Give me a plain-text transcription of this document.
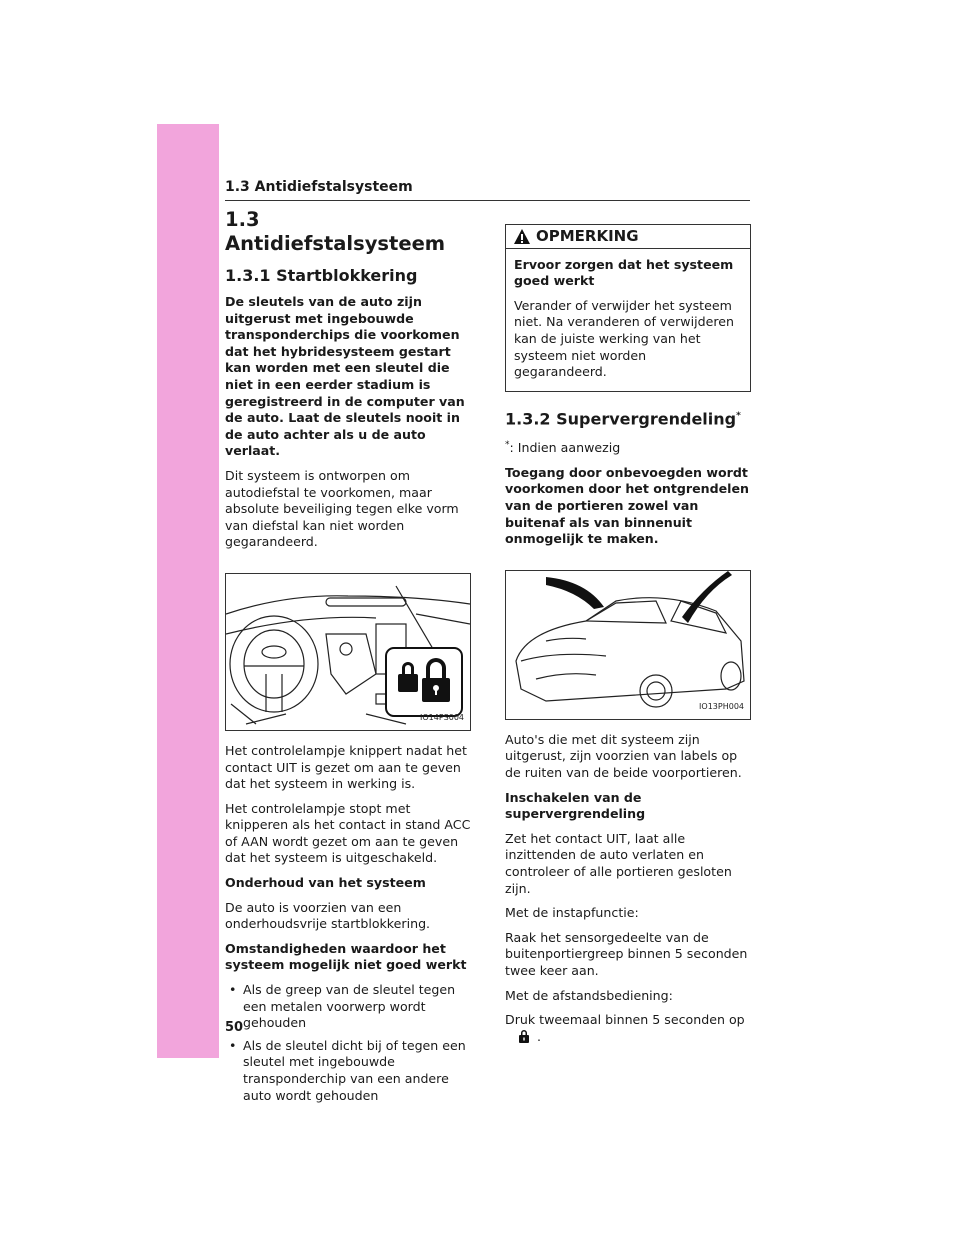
1.3 Antidiefstalsysteem
1.3 Antidiefstalsysteem
1.3.1 Startblokkering

De sleutels van de auto zijn uitgerust met ingebouwde transponderchips die voorkomen dat het hybridesysteem gestart kan worden met een sleutel die niet in een eerder stadium is geregistreerd in de computer van de auto. Laat de sleutels nooit in de auto achter als u de auto verlaat.

Dit systeem is ontworpen om autodiefstal te voorkomen, maar absolute beveiliging tegen elke vorm van diefstal kan niet worden gegarandeerd.

IO14PS004

Het controlelampje knippert nadat het contact UIT is gezet om aan te geven dat het systeem in werking is.

Het controlelampje stopt met knipperen als het contact in stand ACC of AAN wordt gezet om aan te geven dat het systeem is uitgeschakeld.

Onderhoud van het systeem

De auto is voorzien van een onderhoudsvrije startblokkering.

Omstandigheden waardoor het systeem mogelijk niet goed werkt

• Als de greep van de sleutel tegen een metalen voorwerp wordt gehouden
• Als de sleutel dicht bij of tegen een sleutel met ingebouwde transponderchip van een andere auto wordt gehouden
OPMERKING

Ervoor zorgen dat het systeem goed werkt

Verander of verwijder het systeem niet. Na veranderen of verwijderen kan de juiste werking van het systeem niet worden gegarandeerd.

1.3.2 Supervergrendeling*

*: Indien aanwezig

Toegang door onbevoegden wordt voorkomen door het ontgrendelen van de portieren zowel van buitenaf als van binnenuit onmogelijk te maken.

IO13PH004

Auto's die met dit systeem zijn uitgerust, zijn voorzien van labels op de ruiten van de beide voorportieren.

Inschakelen van de supervergrendeling

Zet het contact UIT, laat alle inzittenden de auto verlaten en controleer of alle portieren gesloten zijn.

Met de instapfunctie:

Raak het sensorgedeelte van de buitenportiergreep binnen 5 seconden twee keer aan.

Met de afstandsbediening:

Druk tweemaal binnen 5 seconden op
.

50
